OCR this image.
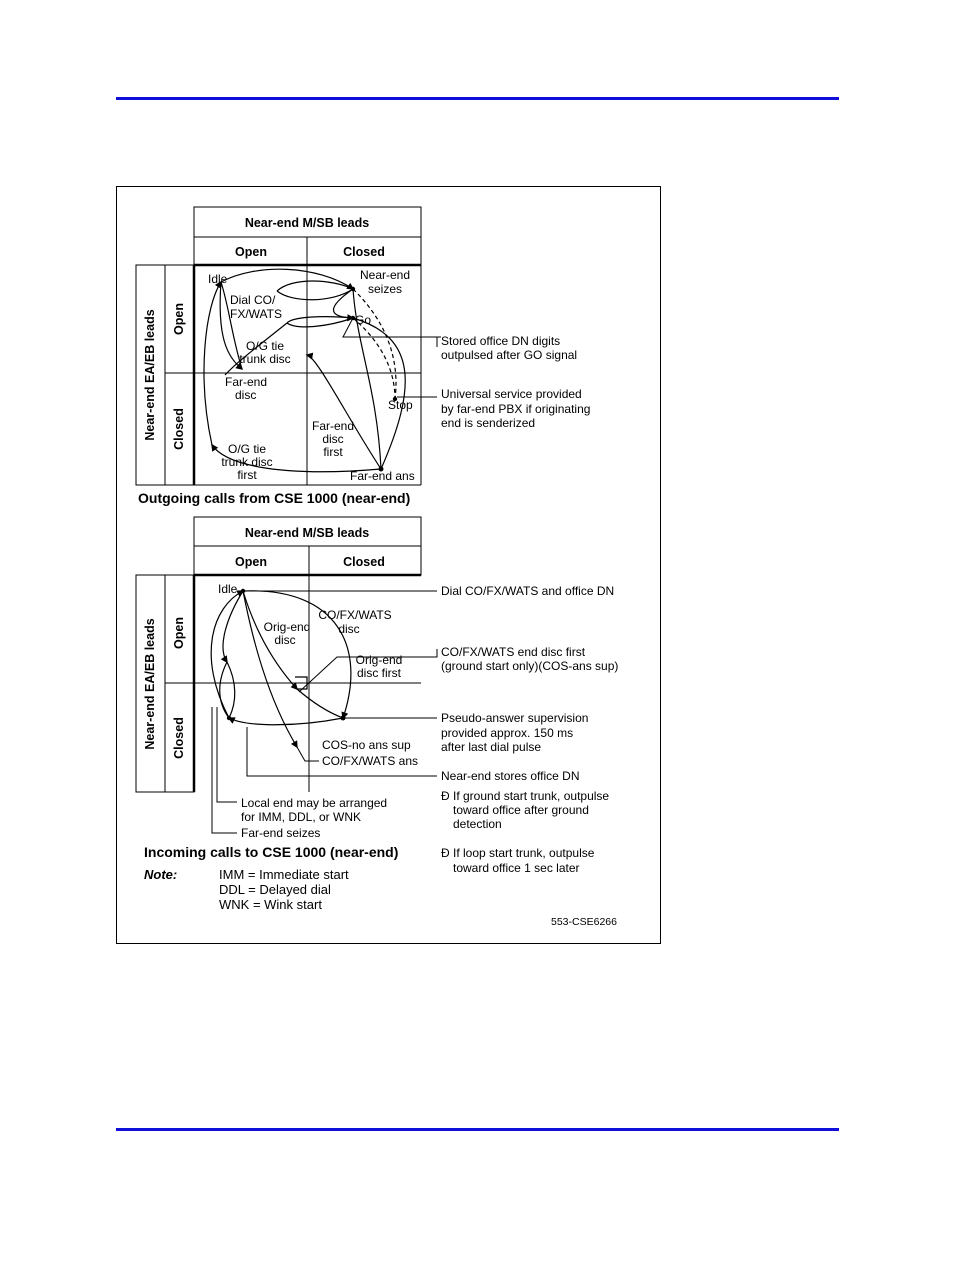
Near-end M/SB leads
Open	Closed
Near-end EA/EB leads Open
Closed
Idle	Near-end
seizes
Dial CO/
FX/WATS	Go
O/G tie
trunk disc
Far-end
disc
Stop
Far-end
disc
first
O/G tie
trunk disc
first	Far-end ans
Stored office DN digits
outpulsed after GO signal
Universal service provided
by far-end PBX if originating
end is senderized
Outgoing calls from CSE 1000 (near-end)
Near-end M/SB leads
Open	Closed
Near-end EA/EB leads Open
Closed
Idle
CO/FX/WATS
disc
Orig-end
disc
Orig-end
disc first
COS-no ans sup
CO/FX/WATS ans
Dial CO/FX/WATS and office DN
CO/FX/WATS end disc first
(ground start only)(COS-ans sup)
Pseudo-answer supervision
provided approx. 150 ms
after last dial pulse
Near-end stores office DN
Ð If ground start trunk, outpulse
toward office after ground
detection
Ð If loop start trunk, outpulse
toward office 1 sec later
Local end may be arranged
for IMM, DDL, or WNK
Far-end seizes
Incoming calls to CSE 1000 (near-end)
Note:	IMM = Immediate start
DDL = Delayed dial
WNK = Wink start
553-CSE6266
